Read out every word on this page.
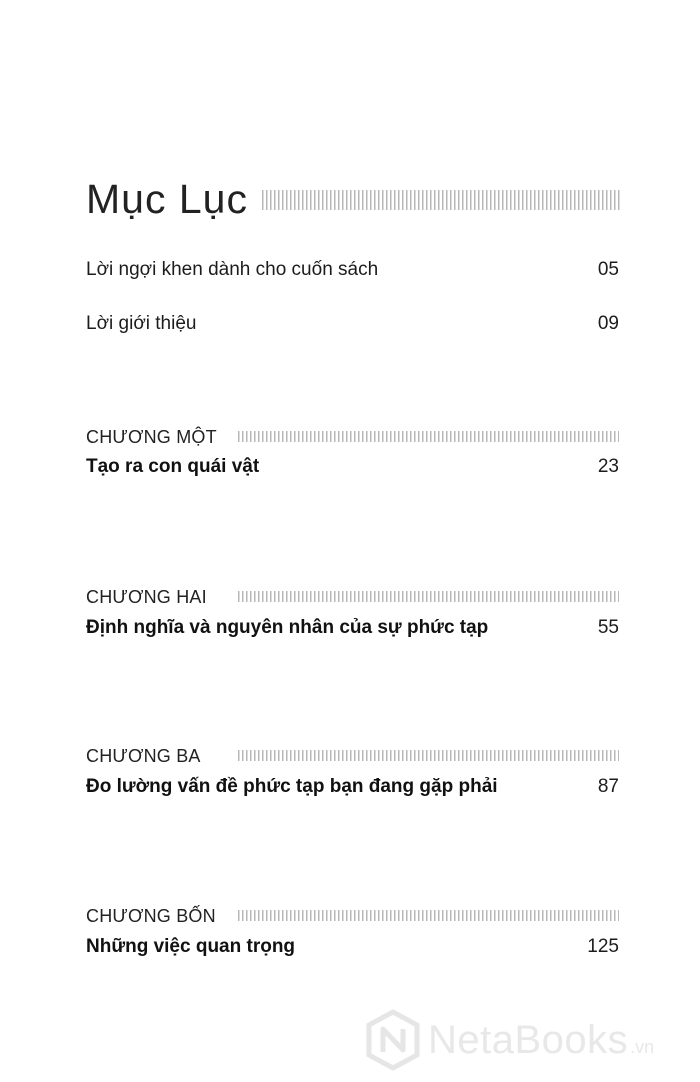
Mục Lục
Lời ngợi khen dành cho cuốn sách	05
Lời giới thiệu	09
CHƯƠNG MỘT
Tạo ra con quái vật	23
CHƯƠNG HAI
Định nghĩa và nguyên nhân của sự phức tạp	55
CHƯƠNG BA
Đo lường vấn đề phức tạp bạn đang gặp phải	87
CHƯƠNG BỐN
Những việc quan trọng	125
NetaBooks .vn
